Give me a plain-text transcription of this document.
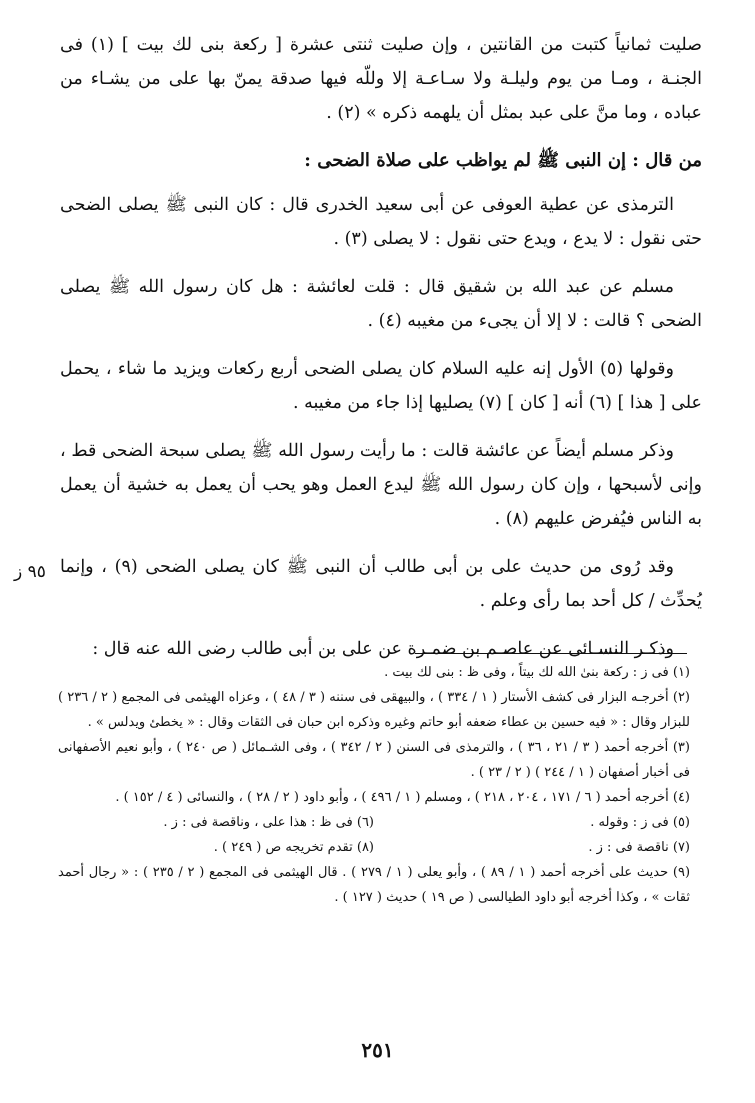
صليت ثمانياً كتبت من القانتين ، وإن صليت ثنتى عشرة [ ركعة بنى لك بيت ] (١) فى الجنـة ، ومـا من يوم وليلـة ولا سـاعـة إلا وللّه فيها صدقة يمنّ بها على من يشـاء من عباده ، وما منَّ على عبد بمثل أن يلهمه ذكره » (٢) .

من قال : إن النبى ﷺ لم يواظب على صلاة الضحى :

الترمذى عن عطية العوفى عن أبى سعيد الخدرى قال : كان النبى ﷺ يصلى الضحى حتى نقول : لا يدع ، ويدع حتى نقول : لا يصلى (٣) .

مسلم عن عبد الله بن شقيق قال : قلت لعائشة : هل كان رسول الله ﷺ يصلى الضحى ؟ قالت : لا إلا أن يجىء من مغيبه (٤) .

وقولها (٥) الأول إنه عليه السلام كان يصلى الضحى أربع ركعات ويزيد ما شاء ، يحمل على [ هذا ] (٦) أنه [ كان ] (٧) يصليها إذا جاء من مغيبه .

وذكر مسلم أيضاً عن عائشة قالت : ما رأيت رسول الله ﷺ يصلى سبحة الضحى قط ، وإنى لأسبحها ، وإن كان رسول الله ﷺ ليدع العمل وهو يحب أن يعمل به خشية أن يعمل به الناس فيُفرض عليهم (٨) .

وقد رُوى من حديث على بن أبى طالب أن النبى ﷺ كان يصلى الضحى (٩) ، وإنما يُحدِّث / كل أحد بما رأى وعلم .

وذكـر النسـائى عن عاصـم بن ضمـرة عن على بن أبى طالب رضى الله عنه قال :

٩٥ ز

(١) فى ز : ركعة بنىٰ الله لك بيتاً ، وفى ظ : بنى لك بيت .

(٢) أخرجـه البزار فى كشف الأستار ( ١ / ٣٣٤ ) ، والبيهقى فى سننه ( ٣ / ٤٨ ) ، وعزاه الهيثمى فى المجمع ( ٢ / ٢٣٦ ) للبزار وقال : « فيه حسين بن عطاء ضعفه أبو حاتم وغيره وذكره ابن حبان فى الثقات وقال : « يخطئ ويدلس » .

(٣) أخرجه أحمد ( ٣ / ٢١ ، ٣٦ ) ، والترمذى فى السنن ( ٢ / ٣٤٢ ) ، وفى الشـمائل ( ص ٢٤٠ ) ، وأبو نعيم الأصفهانى فى أخبار أصفهان ( ١ / ٢٤٤ ) ( ٢ / ٢٣ ) .

(٤) أخرجه أحمد ( ٦ / ١٧١ ، ٢٠٤ ، ٢١٨ ) ، ومسلم ( ١ / ٤٩٦ ) ، وأبو داود ( ٢ / ٢٨ ) ، والنسائى ( ٤ / ١٥٢ ) .

(٥) فى ز : وقوله .
(٦) فى ظ : هذا على ، وناقصة فى : ز .
(٧) ناقصة فى : ز .
(٨) تقدم تخريجه ص ( ٢٤٩ ) .

(٩) حديث على أخرجه أحمد ( ١ / ٨٩ ) ، وأبو يعلى ( ١ / ٢٧٩ ) . قال الهيثمى فى المجمع ( ٢ / ٢٣٥ ) : « رجال أحمد ثقات » ، وكذا أخرجه أبو داود الطيالسى ( ص ١٩ ) حديث ( ١٢٧ ) .

٢٥١
